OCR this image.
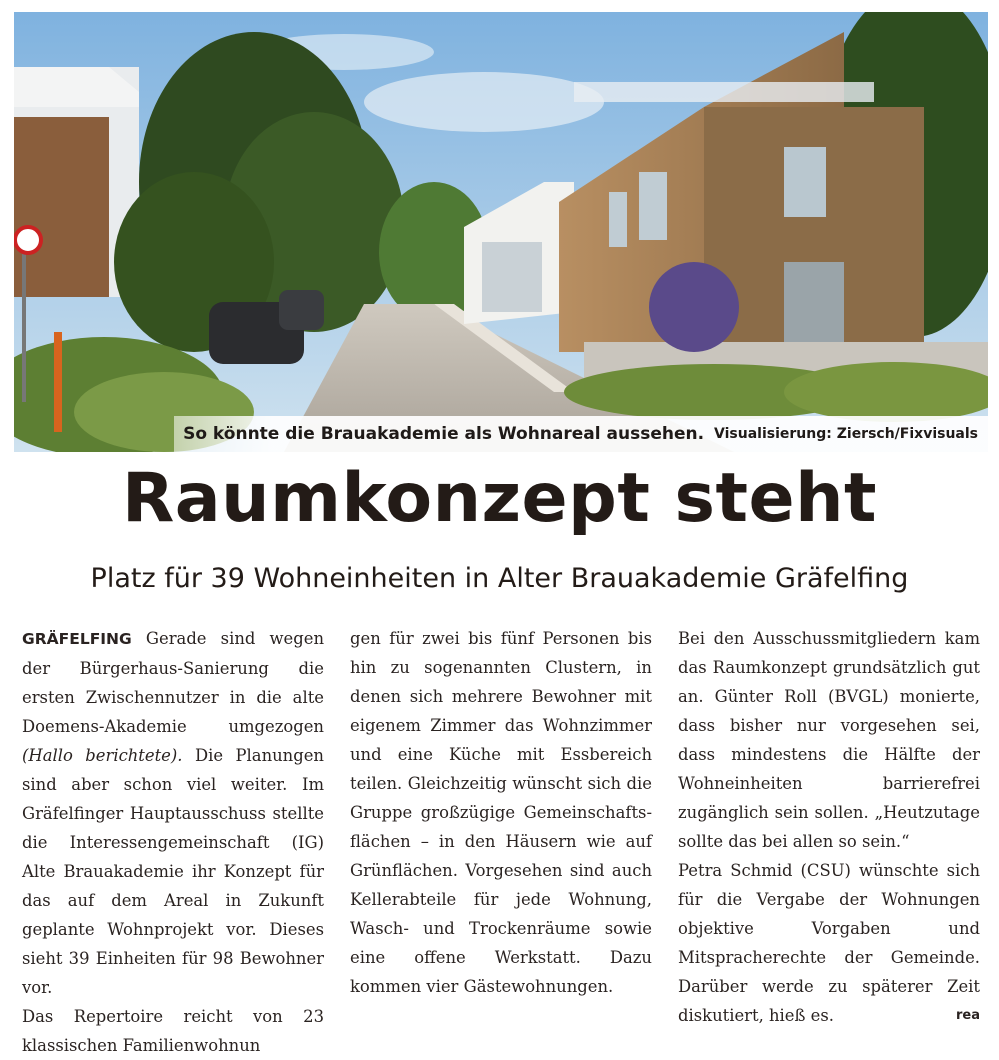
So könnte die Brauakademie als Wohnareal aussehen. Visualisierung: Ziersch/Fixvisuals
Raumkonzept steht
Platz für 39 Wohneinheiten in Alter Brauakademie Gräfelfing

GRÄFELFING Gerade sind wegen der Bürgerhaus-Sanierung die ersten Zwischennutzer in die alte Doemens-Akademie umgezogen (Hallo berichtete). Die Planungen sind aber schon viel weiter. Im Gräfelfinger Hauptausschuss stellte die Interessengemeinschaft (IG) Alte Brauakademie ihr Konzept für das auf dem Areal in Zukunft geplante Wohnprojekt vor. Dieses sieht 39 Einheiten für 98 Bewohner vor.

Das Repertoire reicht von 23 klassischen Familienwohnun

gen für zwei bis fünf Personen bis hin zu sogenannten Clustern, in denen sich mehrere Bewohner mit eigenem Zimmer das Wohnzimmer und eine Küche mit Essbereich teilen. Gleichzeitig wünscht sich die Gruppe großzügige Gemeinschaftsflächen – in den Häusern wie auf Grünflächen. Vorgesehen sind auch Kellerabteile für jede Wohnung, Wasch- und Trockenräume sowie eine offene Werkstatt. Dazu kommen vier Gästewohnungen.

Bei den Ausschussmitgliedern kam das Raumkonzept grundsätzlich gut an. Günter Roll (BVGL) monierte, dass bisher nur vorgesehen sei, dass mindestens die Hälfte der Wohneinheiten barrierefrei zugänglich sein sollen. „Heutzutage sollte das bei allen so sein.“

Petra Schmid (CSU) wünschte sich für die Vergabe der Wohnungen objektive Vorgaben und Mitspracherechte der Gemeinde. Darüber werde zu späterer Zeit diskutiert, hieß es.	rea
